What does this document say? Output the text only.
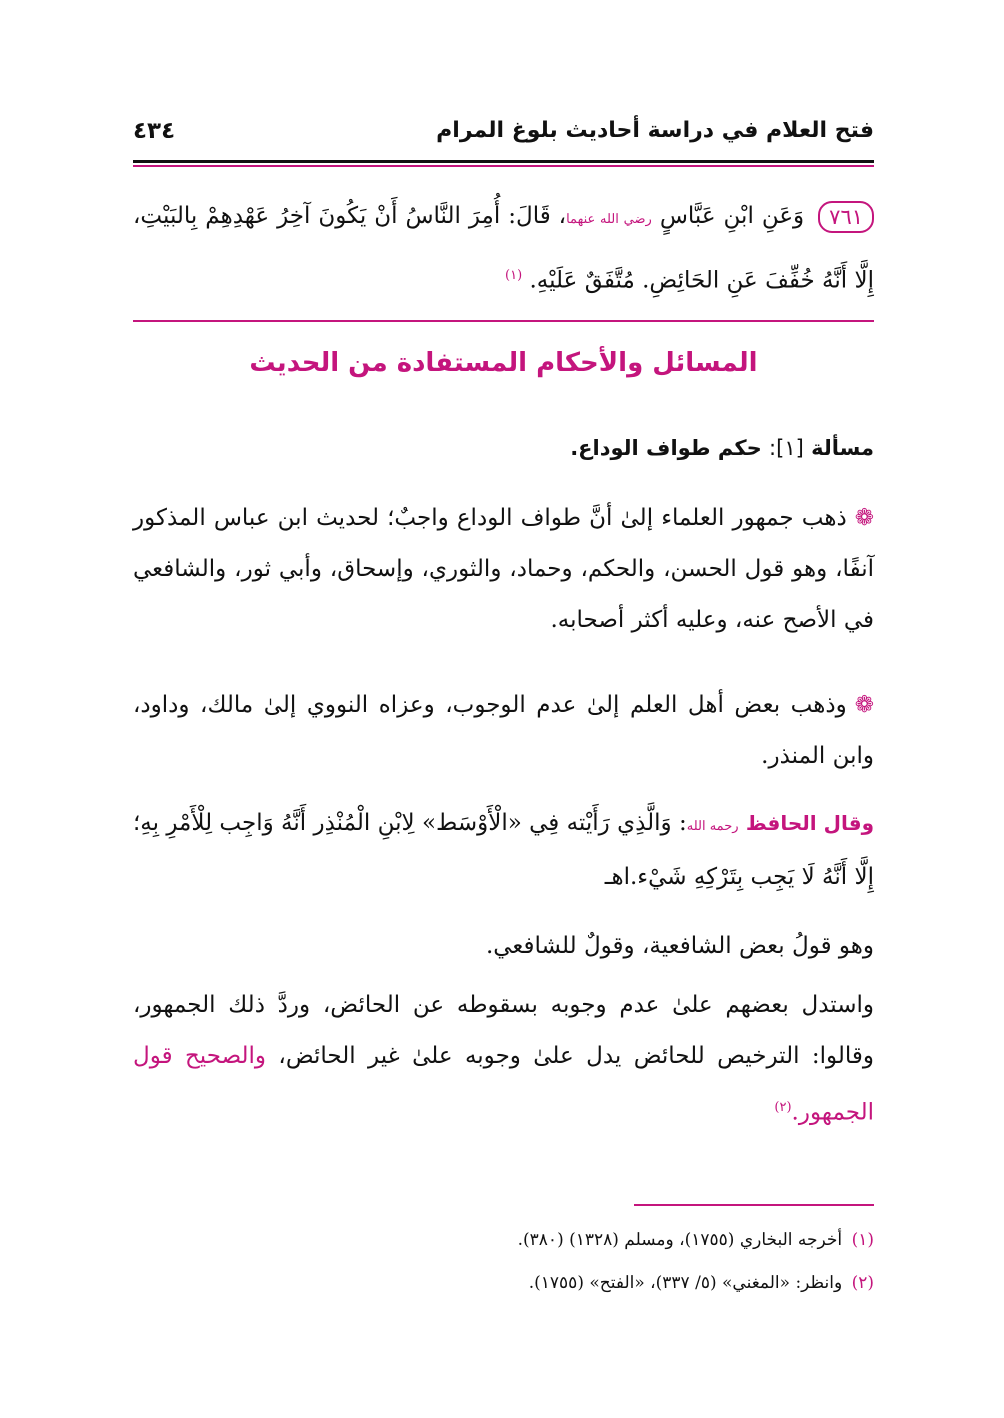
فتح العلام في دراسة أحاديث بلوغ المرام
٤٣٤
٧٦١وَعَنِ ابْنِ عَبَّاسٍ رضي الله عنهما، قَالَ: أُمِرَ النَّاسُ أَنْ يَكُونَ آخِرُ عَهْدِهِمْ بِالبَيْتِ، إِلَّا أَنَّهُ خُفِّفَ عَنِ الحَائِضِ. مُتَّفَقٌ عَلَيْهِ. $^{(١)}$
المسائل والأحكام المستفادة من الحديث
مسألة [١]: حكم طواف الوداع.
❁ذهب جمهور العلماء إلىٰ أنَّ طواف الوداع واجبٌ؛ لحديث ابن عباس المذكور آنفًا، وهو قول الحسن، والحكم، وحماد، والثوري، وإسحاق، وأبي ثور، والشافعي في الأصح عنه، وعليه أكثر أصحابه.
❁وذهب بعض أهل العلم إلىٰ عدم الوجوب، وعزاه النووي إلىٰ مالك، وداود، وابن المنذر.
وقال الحافظ رحمه الله: وَالَّذِي رَأَيْته فِي «الْأَوْسَط» لِابْنِ الْمُنْذِر أَنَّهُ وَاجِب لِلْأَمْرِ بِهِ؛ إِلَّا أَنَّهُ لَا يَجِب بِتَرْكِهِ شَيْء.اهـ
وهو قولُ بعض الشافعية، وقولٌ للشافعي.
واستدل بعضهم علىٰ عدم وجوبه بسقوطه عن الحائض، وردَّ ذلك الجمهور، وقالوا: الترخيص للحائض يدل علىٰ وجوبه علىٰ غير الحائض، والصحيح قول الجمهور.$^{(٢)}$
(١) أخرجه البخاري (١٧٥٥)، ومسلم (١٣٢٨) (٣٨٠).
(٢) وانظر: «المغني» (٥/ ٣٣٧)، «الفتح» (١٧٥٥).
